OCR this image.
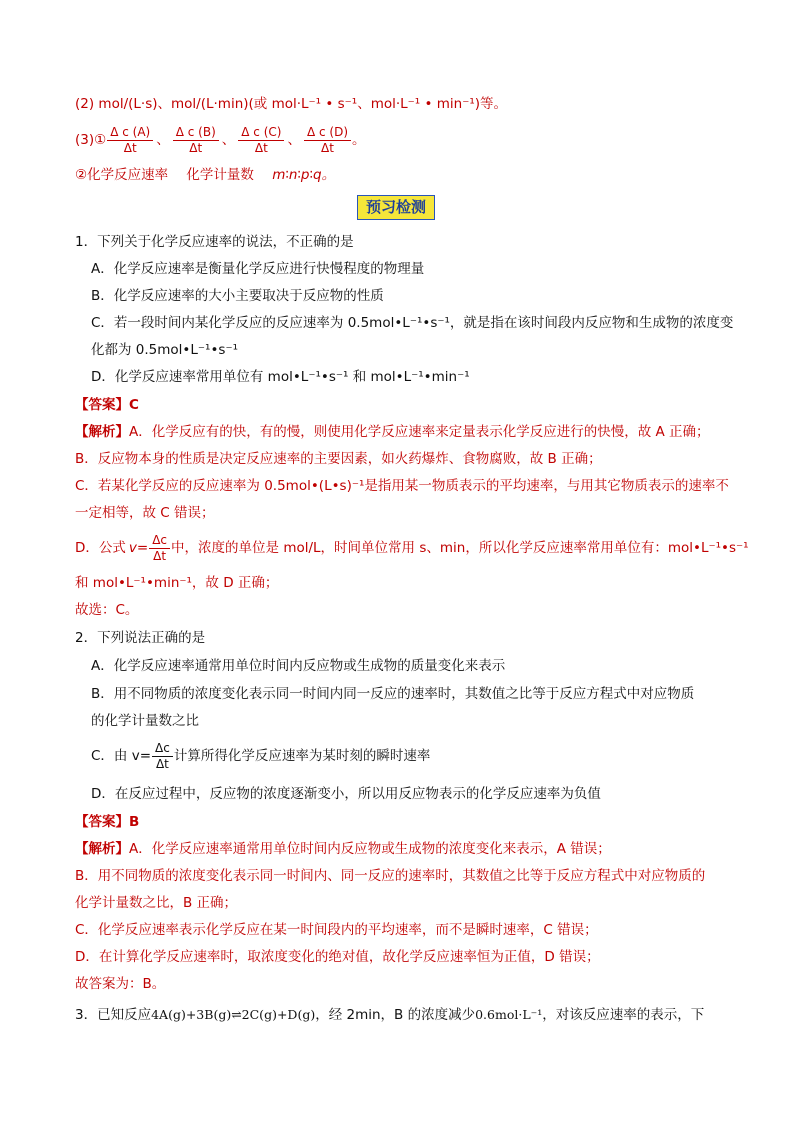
(2) mol/(L·s)、mol/(L·min)(或 mol·L⁻¹ • s⁻¹、mol·L⁻¹ • min⁻¹)等。
(3)① $\frac{\text{Δ c (A)}}{\Delta t}$ 、 $\frac{\text{Δ c (B)}}{\Delta t}$ 、 $\frac{\text{Δ c (C)}}{\Delta t}$ 、 $\frac{\text{Δ c (D)}}{\Delta t}$ 。
②化学反应速率 化学计量数 m∶n∶p∶q。
预习检测
1．下列关于化学反应速率的说法，不正确的是
A．化学反应速率是衡量化学反应进行快慢程度的物理量
B．化学反应速率的大小主要取决于反应物的性质
C．若一段时间内某化学反应的反应速率为 0.5mol•L⁻¹•s⁻¹，就是指在该时间段内反应物和生成物的浓度变
化都为 0.5mol•L⁻¹•s⁻¹
D．化学反应速率常用单位有 mol•L⁻¹•s⁻¹ 和 mol•L⁻¹•min⁻¹
【答案】C
【解析】A．化学反应有的快，有的慢，则使用化学反应速率来定量表示化学反应进行的快慢，故 A 正确；
B．反应物本身的性质是决定反应速率的主要因素，如火药爆炸、食物腐败，故 B 正确；
C．若某化学反应的反应速率为 0.5mol•(L•s)⁻¹是指用某一物质表示的平均速率，与用其它物质表示的速率不
一定相等，故 C 错误；
D．公式 $v= \frac{\Delta c}{\Delta t}$ 中，浓度的单位是 mol/L，时间单位常用 s、min，所以化学反应速率常用单位有：mol•L⁻¹•s⁻¹
和 mol•L⁻¹•min⁻¹，故 D 正确；
故选：C。
2．下列说法正确的是
A．化学反应速率通常用单位时间内反应物或生成物的质量变化来表示
B．用不同物质的浓度变化表示同一时间内同一反应的速率时，其数值之比等于反应方程式中对应物质
的化学计量数之比
C．由 $v= \frac{\Delta c}{\Delta t}$ 计算所得化学反应速率为某时刻的瞬时速率
D．在反应过程中，反应物的浓度逐渐变小，所以用反应物表示的化学反应速率为负值
【答案】B
【解析】A．化学反应速率通常用单位时间内反应物或生成物的浓度变化来表示，A 错误；
B．用不同物质的浓度变化表示同一时间内、同一反应的速率时，其数值之比等于反应方程式中对应物质的
化学计量数之比，B 正确；
C．化学反应速率表示化学反应在某一时间段内的平均速率，而不是瞬时速率，C 错误；
D．在计算化学反应速率时，取浓度变化的绝对值，故化学反应速率恒为正值，D 错误；
故答案为：B。
3．已知反应4A(g)+3B(g)⇌2C(g)+D(g)，经 2min，B 的浓度减少0.6mol·L⁻¹，对该反应速率的表示，下
